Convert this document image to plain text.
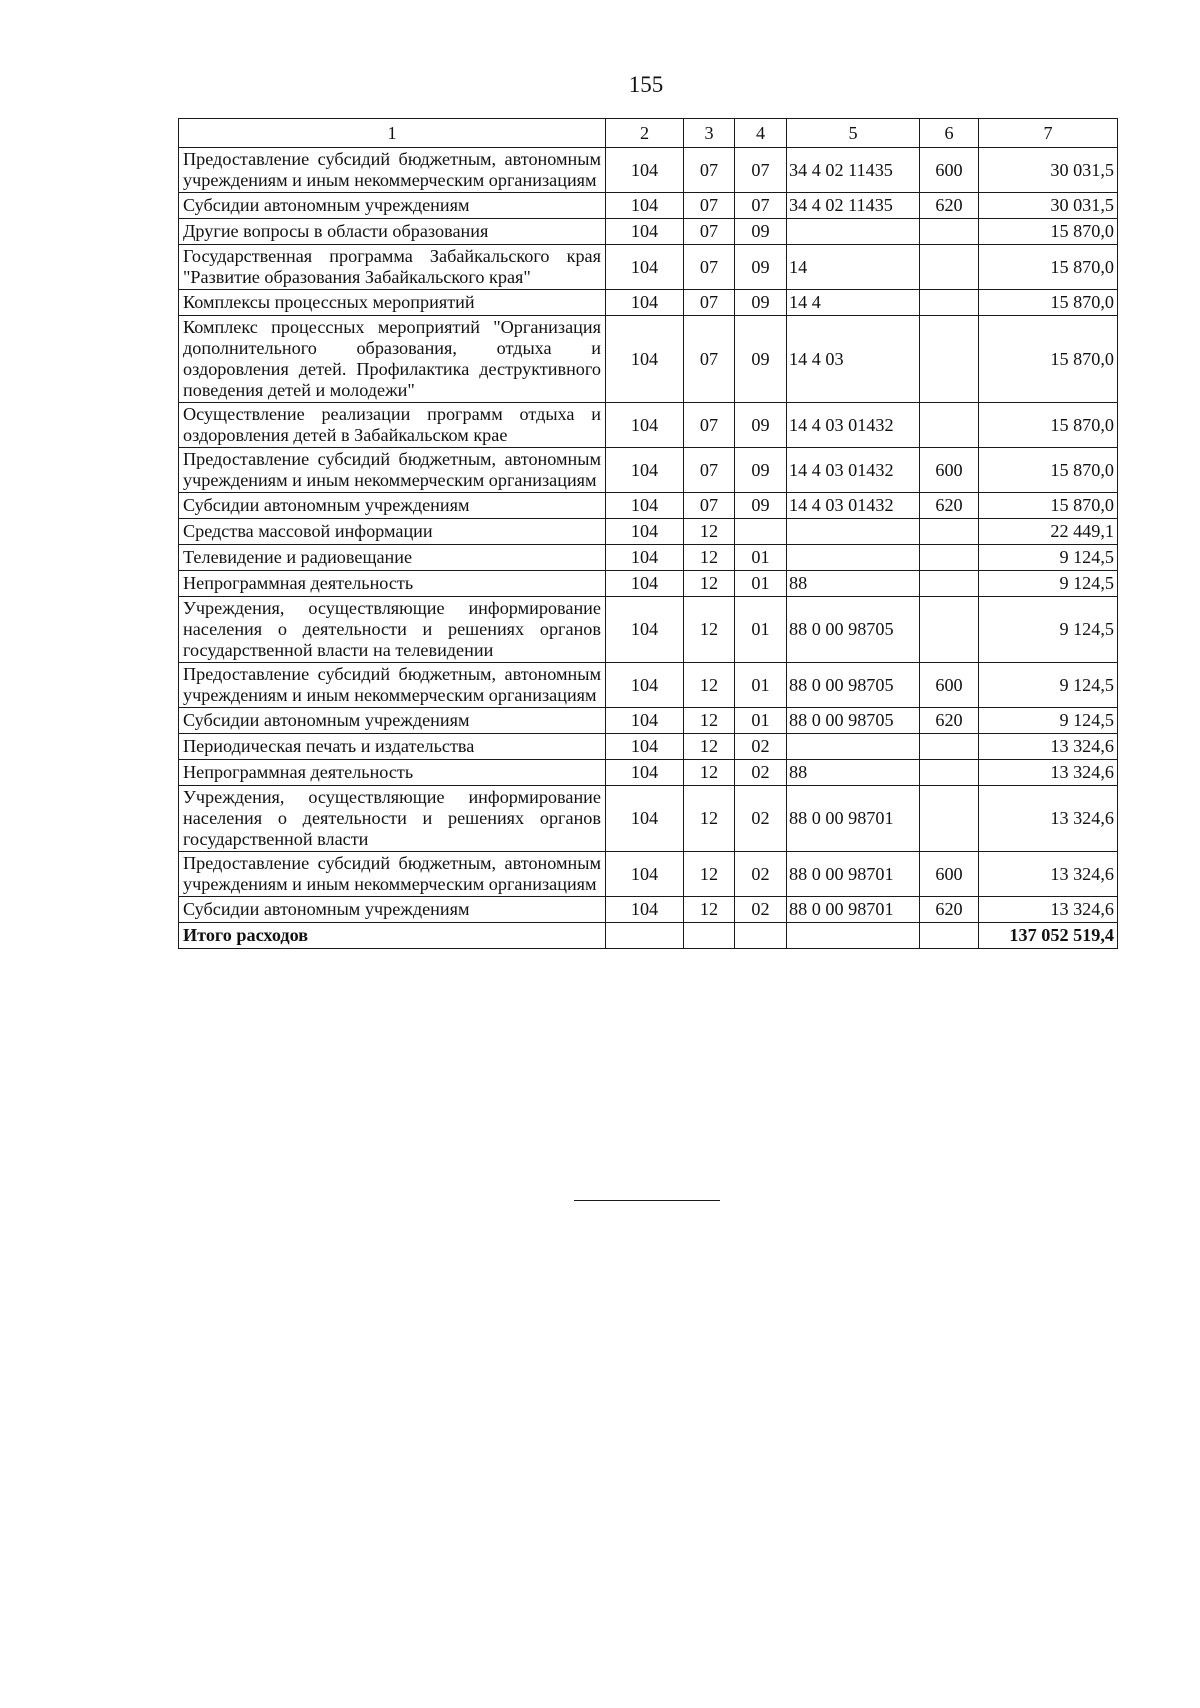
155
1	2	3	4	5	6	7
Предоставление субсидий бюджетным, автономным учреждениям и иным некоммерческим организациям	104	07	07	34 4 02 11435	600	30 031,5
Субсидии автономным учреждениям	104	07	07	34 4 02 11435	620	30 031,5
Другие вопросы в области образования	104	07	09			15 870,0
Государственная программа Забайкальского края "Развитие образования Забайкальского края"	104	07	09	14		15 870,0
Комплексы процессных мероприятий	104	07	09	14 4		15 870,0
Комплекс процессных мероприятий "Организация дополнительного образования, отдыха и оздоровления детей. Профилактика деструктивного поведения детей и молодежи"	104	07	09	14 4 03		15 870,0
Осуществление реализации программ отдыха и оздоровления детей в Забайкальском крае	104	07	09	14 4 03 01432		15 870,0
Предоставление субсидий бюджетным, автономным учреждениям и иным некоммерческим организациям	104	07	09	14 4 03 01432	600	15 870,0
Субсидии автономным учреждениям	104	07	09	14 4 03 01432	620	15 870,0
Средства массовой информации	104	12				22 449,1
Телевидение и радиовещание	104	12	01			9 124,5
Непрограммная деятельность	104	12	01	88		9 124,5
Учреждения, осуществляющие информирование населения о деятельности и решениях органов государственной власти на телевидении	104	12	01	88 0 00 98705		9 124,5
Предоставление субсидий бюджетным, автономным учреждениям и иным некоммерческим организациям	104	12	01	88 0 00 98705	600	9 124,5
Субсидии автономным учреждениям	104	12	01	88 0 00 98705	620	9 124,5
Периодическая печать и издательства	104	12	02			13 324,6
Непрограммная деятельность	104	12	02	88		13 324,6
Учреждения, осуществляющие информирование населения о деятельности и решениях органов государственной власти	104	12	02	88 0 00 98701		13 324,6
Предоставление субсидий бюджетным, автономным учреждениям и иным некоммерческим организациям	104	12	02	88 0 00 98701	600	13 324,6
Субсидии автономным учреждениям	104	12	02	88 0 00 98701	620	13 324,6
Итого расходов						137 052 519,4
